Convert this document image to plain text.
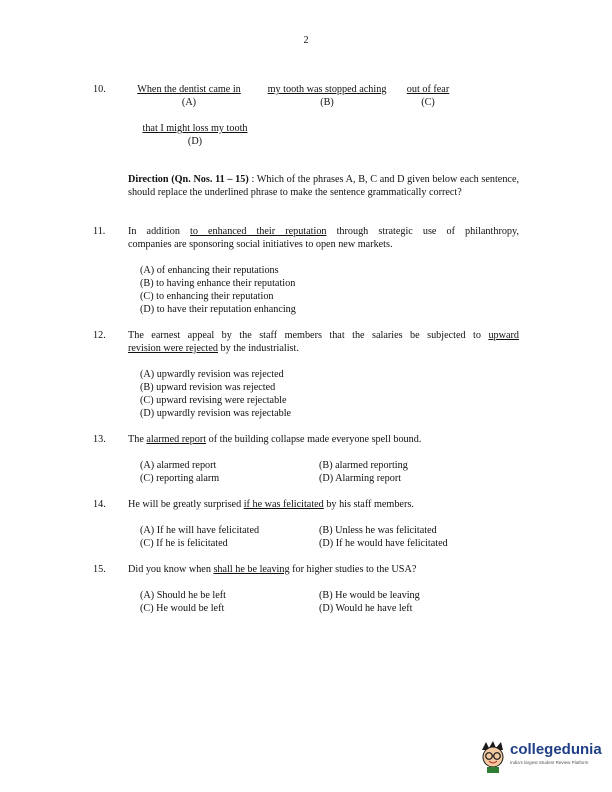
2
10.	When the dentist came in
(A)
my tooth was stopped aching
(B)
out of fear
(C)
that I might loss my tooth
(D)
Direction (Qn. Nos. 11 – 15) : Which of the phrases A, B, C and D given below each sentence, should replace the underlined phrase to make the sentence grammatically correct?
11. In addition to enhanced their reputation through strategic use of philanthropy,
companies are sponsoring social initiatives to open new markets.
(A) of enhancing their reputations
(B) to having enhance their reputation
(C) to enhancing their reputation
(D) to have their reputation enhancing
12. The earnest appeal by the staff members that the salaries be subjected to upward
revision were rejected by the industrialist.
(A) upwardly revision was rejected
(B) upward revision was rejected
(C) upward revising were rejectable
(D) upwardly revision was rejectable
13. The alarmed report of the building collapse made everyone spell bound.
(A) alarmed report	(B) alarmed reporting
(C) reporting alarm	(D) Alarming report
14. He will be greatly surprised if he was felicitated by his staff members.
(A) If he will have felicitated	(B) Unless he was felicitated
(C) If he is felicitated	(D) If he would have felicitated
15. Did you know when shall he be leaving for higher studies to the USA?
(A) Should he be left	(B) He would be leaving
(C) He would be left	(D) Would he have left
collegedunia
India's largest Student Review Platform
